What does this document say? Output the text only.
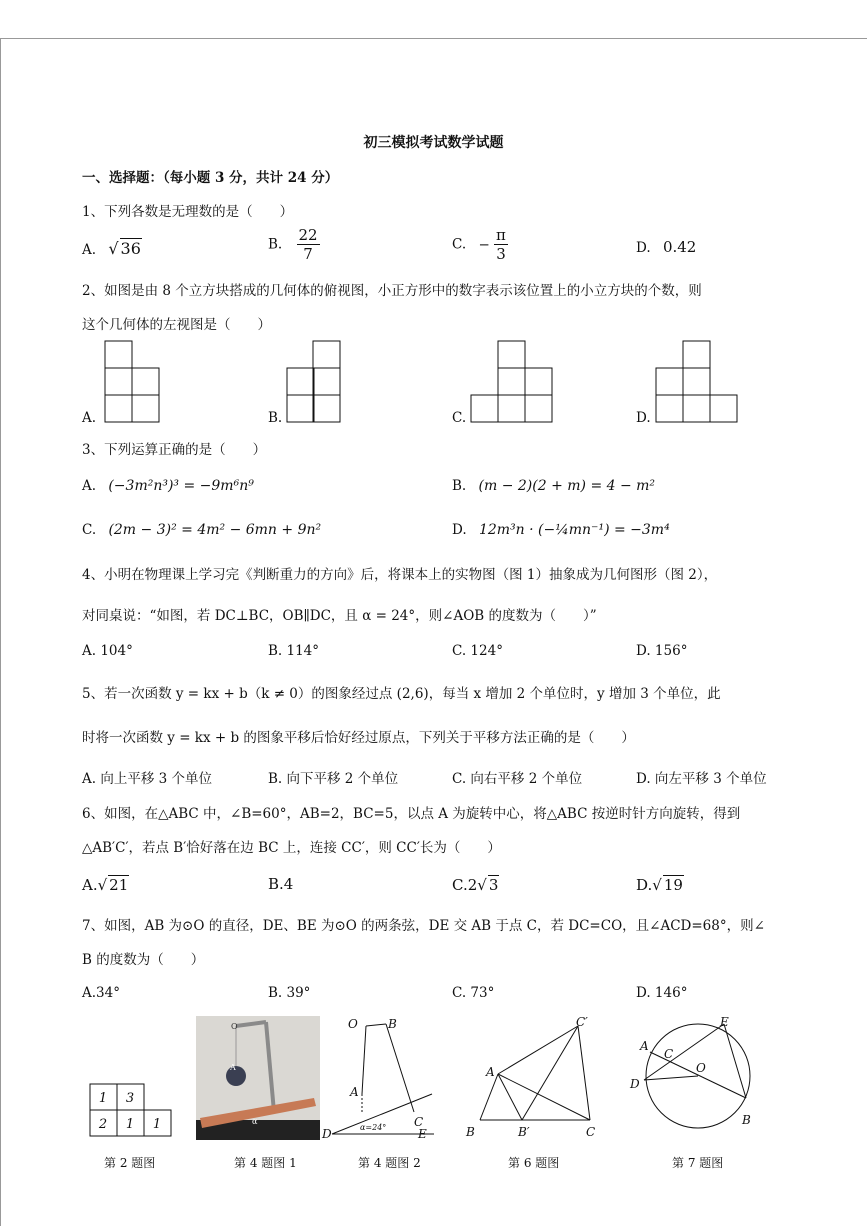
初三模拟考试数学试题
一、选择题：（每小题 3 分，共计 24 分）
1、下列各数是无理数的是（　　）
A. √ 36	B. $\frac{22}{7}$	C. − $\frac{\pi}{3}$	D. 0.42
2、如图是由 8 个立方块搭成的几何体的俯视图，小正方形中的数字表示该位置上的小立方块的个数，则
这个几何体的左视图是（　　）
A.	B.	C.	D.
3、下列运算正确的是（　　）
A. (−3m²n³)³ = −9m⁶n⁹	B. (m − 2)(2 + m) = 4 − m²
C. (2m − 3)² = 4m² − 6mn + 9n²	D. 12m³n · (−¼mn⁻¹) = −3m⁴
4、小明在物理课上学习完《判断重力的方向》后，将课本上的实物图（图 1）抽象成为几何图形（图 2），
对同桌说：“如图，若 DC⊥BC，OB∥DC，且 α = 24°，则∠AOB 的度数为（　　）”
A. 104°	B. 114°	C. 124°	D. 156°
5、若一次函数 y = kx + b（k ≠ 0）的图象经过点 (2,6)，每当 x 增加 2 个单位时，y 增加 3 个单位，此
时将一次函数 y = kx + b 的图象平移后恰好经过原点，下列关于平移方法正确的是（　　）
A. 向上平移 3 个单位	B. 向下平移 2 个单位	C. 向右平移 2 个单位	D. 向左平移 3 个单位
6、如图，在△ABC 中，∠B=60°，AB=2，BC=5，以点 A 为旋转中心，将△ABC 按逆时针方向旋转，得到
△AB′C′，若点 B′恰好落在边 BC 上，连接 CC′，则 CC′长为（　　）
A.√ 21	B.4	C.2√ 3	D.√ 19
7、如图，AB 为⊙O 的直径，DE、BE 为⊙O 的两条弦，DE 交 AB 于点 C，若 DC=CO，且∠ACD=68°，则∠
B 的度数为（　　）
A.34°	B. 39°	C. 73°	D. 146°
1 3
2 1 1
O
A
α
O	B
A
C
D	E
α=24°
A
B	B′	C
C′
A
C
O
D
E
B
第 2 题图	第 4 题图 1	第 4 题图 2	第 6 题图	第 7 题图
